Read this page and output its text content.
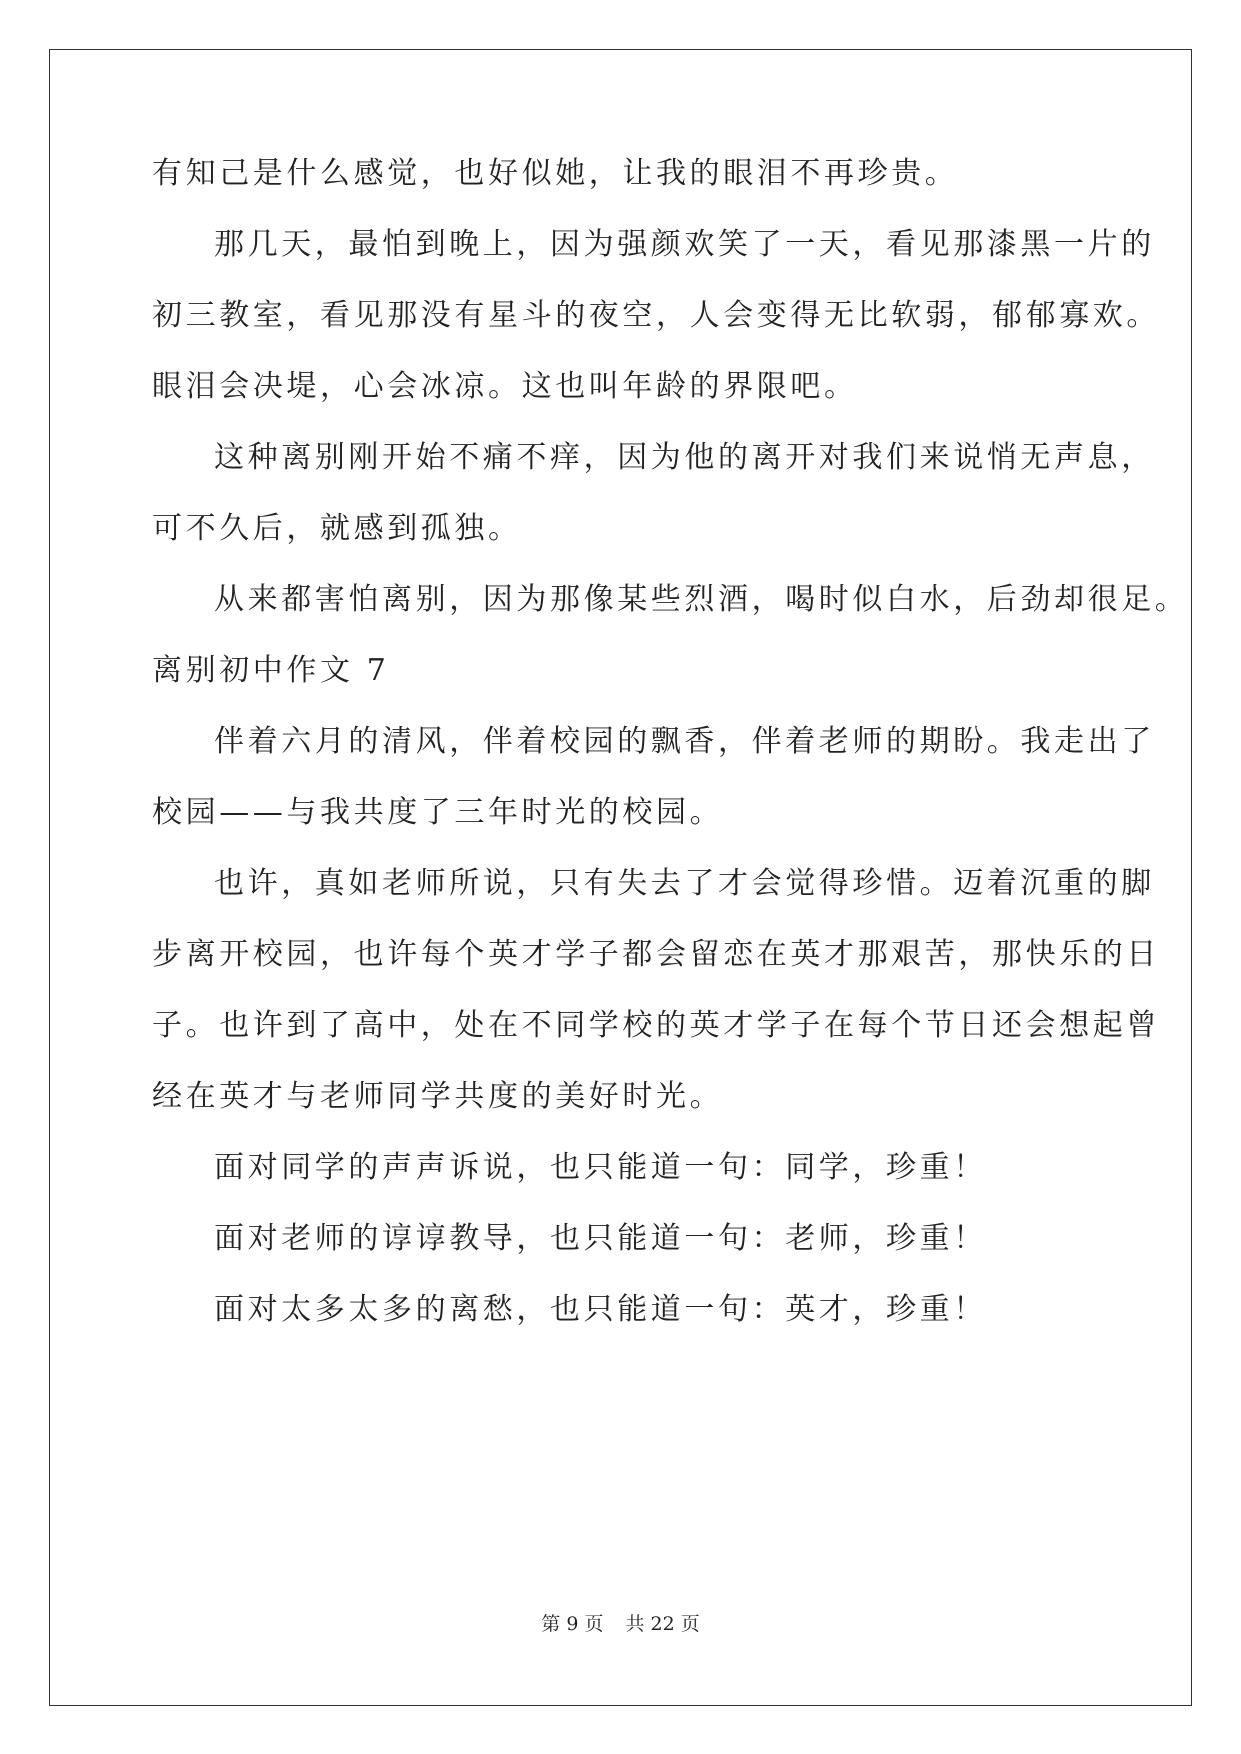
有知己是什么感觉，也好似她，让我的眼泪不再珍贵。
那几天，最怕到晚上，因为强颜欢笑了一天，看见那漆黑一片的
初三教室，看见那没有星斗的夜空，人会变得无比软弱，郁郁寡欢。
眼泪会决堤，心会冰凉。这也叫年龄的界限吧。
这种离别刚开始不痛不痒，因为他的离开对我们来说悄无声息，
可不久后，就感到孤独。
从来都害怕离别，因为那像某些烈酒，喝时似白水，后劲却很足。
离别初中作文 7
伴着六月的清风，伴着校园的飘香，伴着老师的期盼。我走出了
校园——与我共度了三年时光的校园。
也许，真如老师所说，只有失去了才会觉得珍惜。迈着沉重的脚
步离开校园，也许每个英才学子都会留恋在英才那艰苦，那快乐的日
子。也许到了高中，处在不同学校的英才学子在每个节日还会想起曾
经在英才与老师同学共度的美好时光。
面对同学的声声诉说，也只能道一句：同学，珍重！
面对老师的谆谆教导，也只能道一句：老师，珍重！
面对太多太多的离愁，也只能道一句：英才，珍重！
第 9 页 共 22 页
